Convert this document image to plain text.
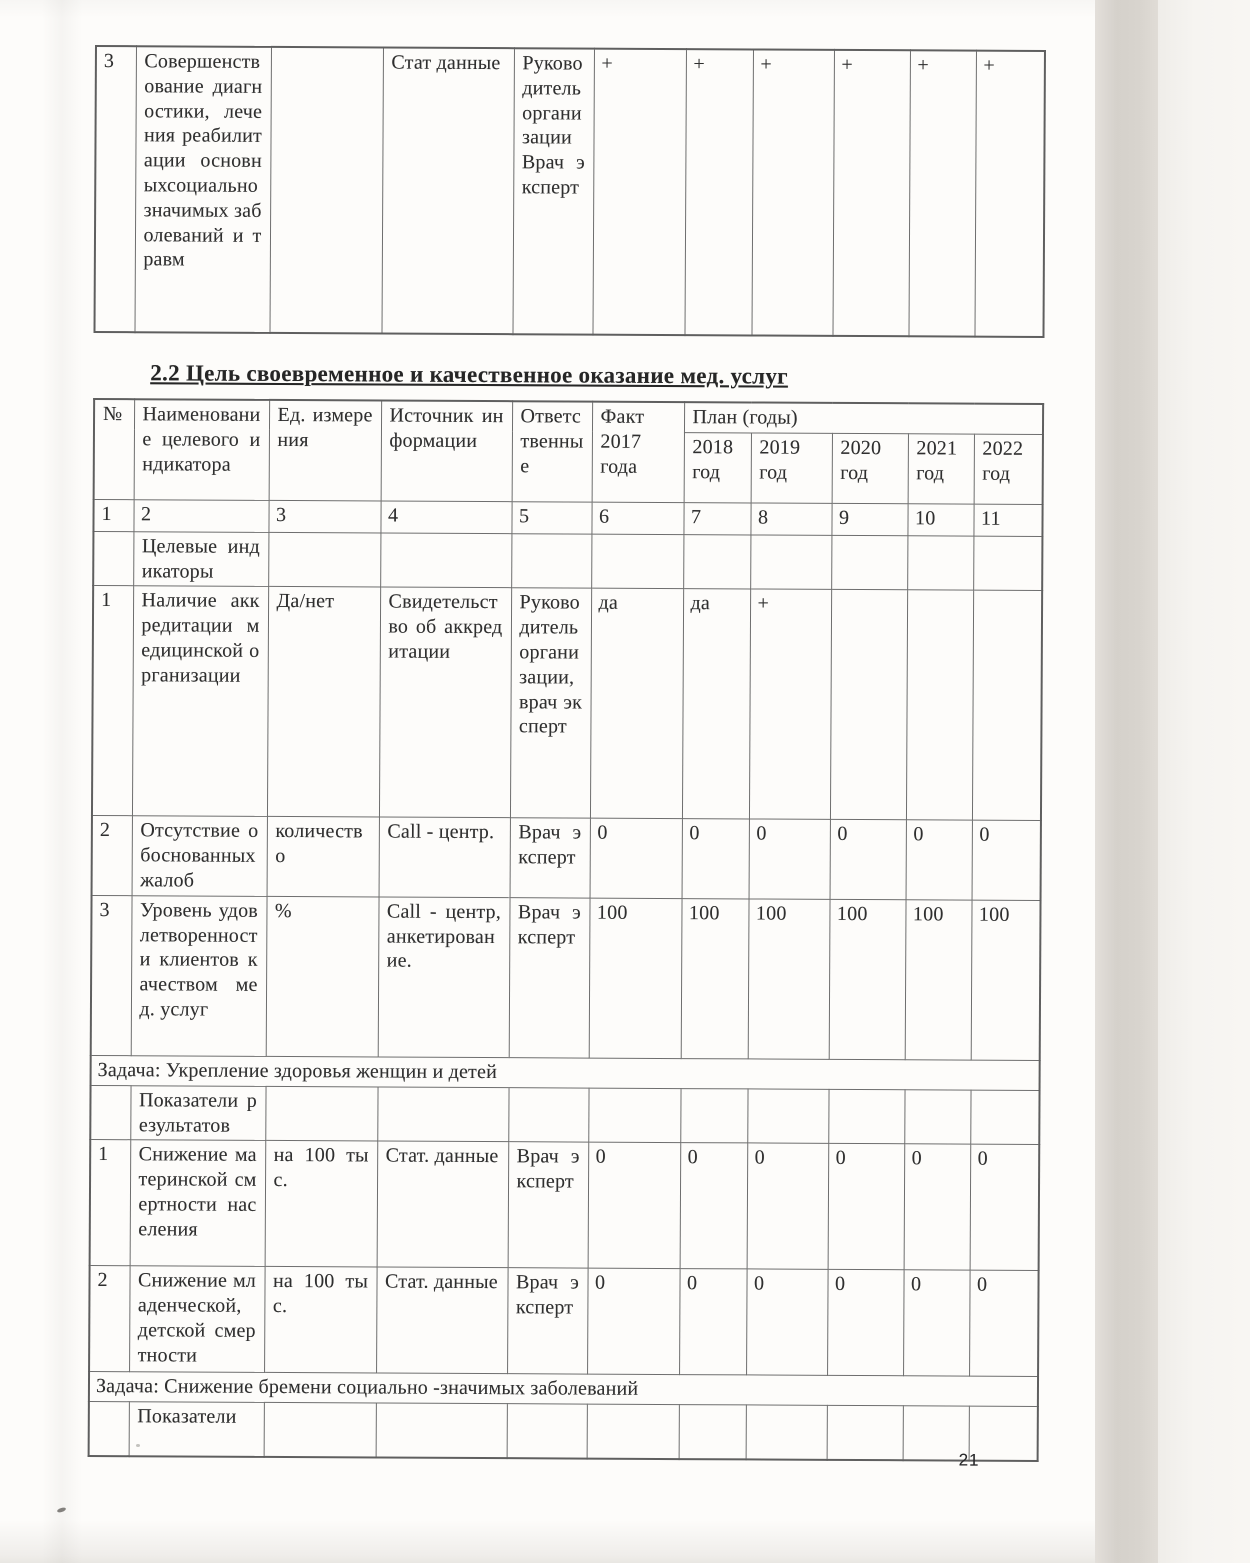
3	Совершенствование диагностики, лечения реабилитации основныхсоциально значимых заболеваний и травм		Стат данные	Руководитель организацииВрач эксперт	+	+	+	+	+	+
2.2 Цель своевременное и качественное оказание мед. услуг
№	Наименование целевого индикатора	Ед. измерения	Источник информации	Ответственные	Факт 2017 года	План (годы)				
						2018 год	2019 год	2020 год	2021 год	2022 год
1	2	3	4	5	6	7	8	9	10	11
	Целевые индикаторы									
1	Наличие аккредитации медицинской организации	Да/нет	Свидетельство об аккредитации	Руководитель организации,врач эксперт	да	да	+			
2	Отсутствие обоснованных жалоб	количество	Call - центр.	Врач эксперт	0	0	0	0	0	0
3	Уровень удовлетворенности клиентов качеством мед. услуг	%	Call - центр, анкетирование.	Врач эксперт	100	100	100	100	100	100
Задача: Укрепление здоровья женщин и детей										
	Показатели результатов									
1	Снижение материнской смертности населения	на 100 тыс.	Стат. данные	Врач эксперт	0	0	0	0	0	0
2	Снижение младенческой, детской смертности	на 100 тыс.	Стат. данные	Врач эксперт	0	0	0	0	0	0
Задача: Снижение бремени социально -значимых заболеваний										
	Показатели									
21
